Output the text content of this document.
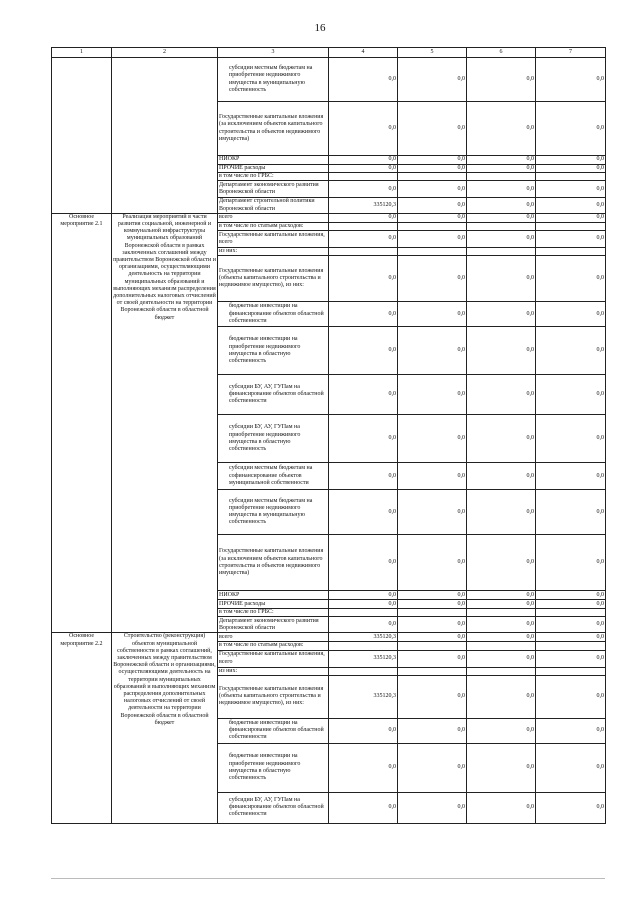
16
1	2	3	4	5	6	7
		субсидии местным бюджетам на приобретение недвижимого имущества в муниципальную собственность	0,0	0,0	0,0	0,0
		Государственные капитальные вложения (за исключением объектов капитального строительства и объектов недвижимого имущества)	0,0	0,0	0,0	0,0
		НИОКР	0,0	0,0	0,0	0,0
		ПРОЧИЕ расходы	0,0	0,0	0,0	0,0
		в том числе по ГРБС:				
		Департамент экономического развития Воронежской области	0,0	0,0	0,0	0,0
		Департамент строительной политики Воронежской области	335120,3	0,0	0,0	0,0
Основное мероприятие 2.1	Реализация мероприятий в части развития социальной, инженерной и коммунальной инфраструктуры муниципальных образований Воронежской области в рамках заключенных соглашений между правительством Воронежской области и организациями, осуществляющими деятельность на территории муниципальных образований и выполняющих механизм распределения дополнительных налоговых отчислений от своей деятельности на территории Воронежской области в областной бюджет	всего	0,0	0,0	0,0	0,0
		в том числе по статьям расходов:				
		Государственные капитальные вложения, всего	0,0	0,0	0,0	0,0
		из них:				
		Государственные капитальные вложения (объекты капитального строительства и недвижимое имущество), из них:	0,0	0,0	0,0	0,0
		бюджетные инвестиции на финансирование объектов областной собственности	0,0	0,0	0,0	0,0
		бюджетные инвестиции на приобретение недвижимого имущества в областную собственность	0,0	0,0	0,0	0,0
		субсидии БУ, АУ, ГУПам на финансирование объектов областной собственности	0,0	0,0	0,0	0,0
		субсидии БУ, АУ, ГУПам на приобретение недвижимого имущества в областную собственность	0,0	0,0	0,0	0,0
		субсидии местным бюджетам на софинансирование объектов муниципальной собственности	0,0	0,0	0,0	0,0
		субсидии местным бюджетам на приобретение недвижимого имущества в муниципальную собственность	0,0	0,0	0,0	0,0
		Государственные капитальные вложения (за исключением объектов капитального строительства и объектов недвижимого имущества)	0,0	0,0	0,0	0,0
		НИОКР	0,0	0,0	0,0	0,0
		ПРОЧИЕ расходы	0,0	0,0	0,0	0,0
		в том числе по ГРБС:				
		Департамент экономического развития Воронежской области	0,0	0,0	0,0	0,0
Основное мероприятие 2.2	Строительство (реконструкция) объектов муниципальной собственности в рамках соглашений, заключенных между правительством Воронежской области и организациями, осуществляющими деятельность на территории муниципальных образований и выполняющих механизм распределения дополнительных налоговых отчислений от своей деятельности на территории Воронежской области в областной бюджет	всего	335120,3	0,0	0,0	0,0
		в том числе по статьям расходов:				
		Государственные капитальные вложения, всего	335120,3	0,0	0,0	0,0
		из них:				
		Государственные капитальные вложения (объекты капитального строительства и недвижимое имущество), из них:	335120,3	0,0	0,0	0,0
		бюджетные инвестиции на финансирование объектов областной собственности	0,0	0,0	0,0	0,0
		бюджетные инвестиции на приобретение недвижимого имущества в областную собственность	0,0	0,0	0,0	0,0
		субсидии БУ, АУ, ГУПам на финансирование объектов областной собственности	0,0	0,0	0,0	0,0
